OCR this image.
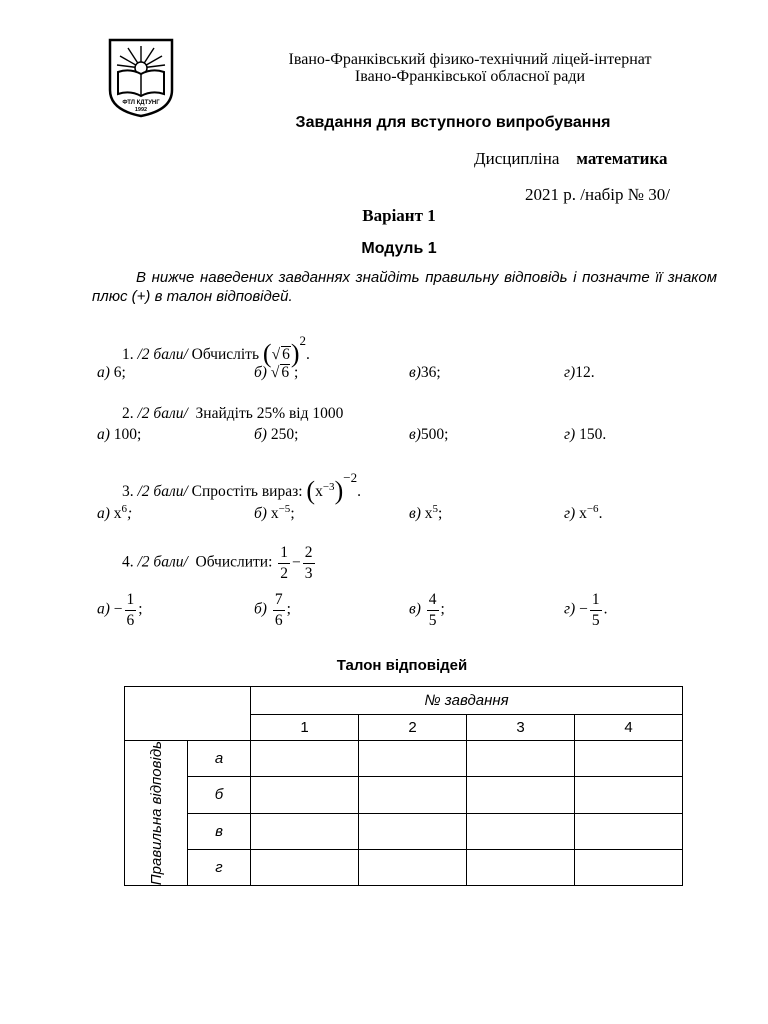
ФТЛ КДТУНГ
1992
Івано-Франківський фізико-технічний ліцей-інтернат
Івано-Франківської обласної ради
Завдання для вступного випробування
Дисципліна математика
2021 р. /набір № 30/
Варіант 1
Модуль 1
В нижче наведених завданнях знайдіть правильну відповідь і позначте її знаком плюс (+) в талон відповідей.
1. /2 бали/ Обчисліть (√ 6)$^2$.
а) 6;	б) √ 6 ;	в)36;	г)12.
2. /2 бали/ Знайдіть 25% від 1000
а) 100;	б) 250;	в)500;	г) 150.
3. /2 бали/ Спростіть вираз: $(x^{-3})^{-2}$.
а) $x^6$;	б) $x^{-5}$;	в) $x^5$;	г) $x^{-6}$.
4. /2 бали/ Обчислити: $\frac{1}{2} - \frac{2}{3}$
$а) - \frac{1}{6}$ ;	$б) \frac{7}{6}$ ;	$в) \frac{4}{5}$ ;	$г) - \frac{1}{5}$ .
Талон відповідей
		№ завдання			
		1	2	3	4

Правильна відповідь	а				
	б				
	в				
	г				
